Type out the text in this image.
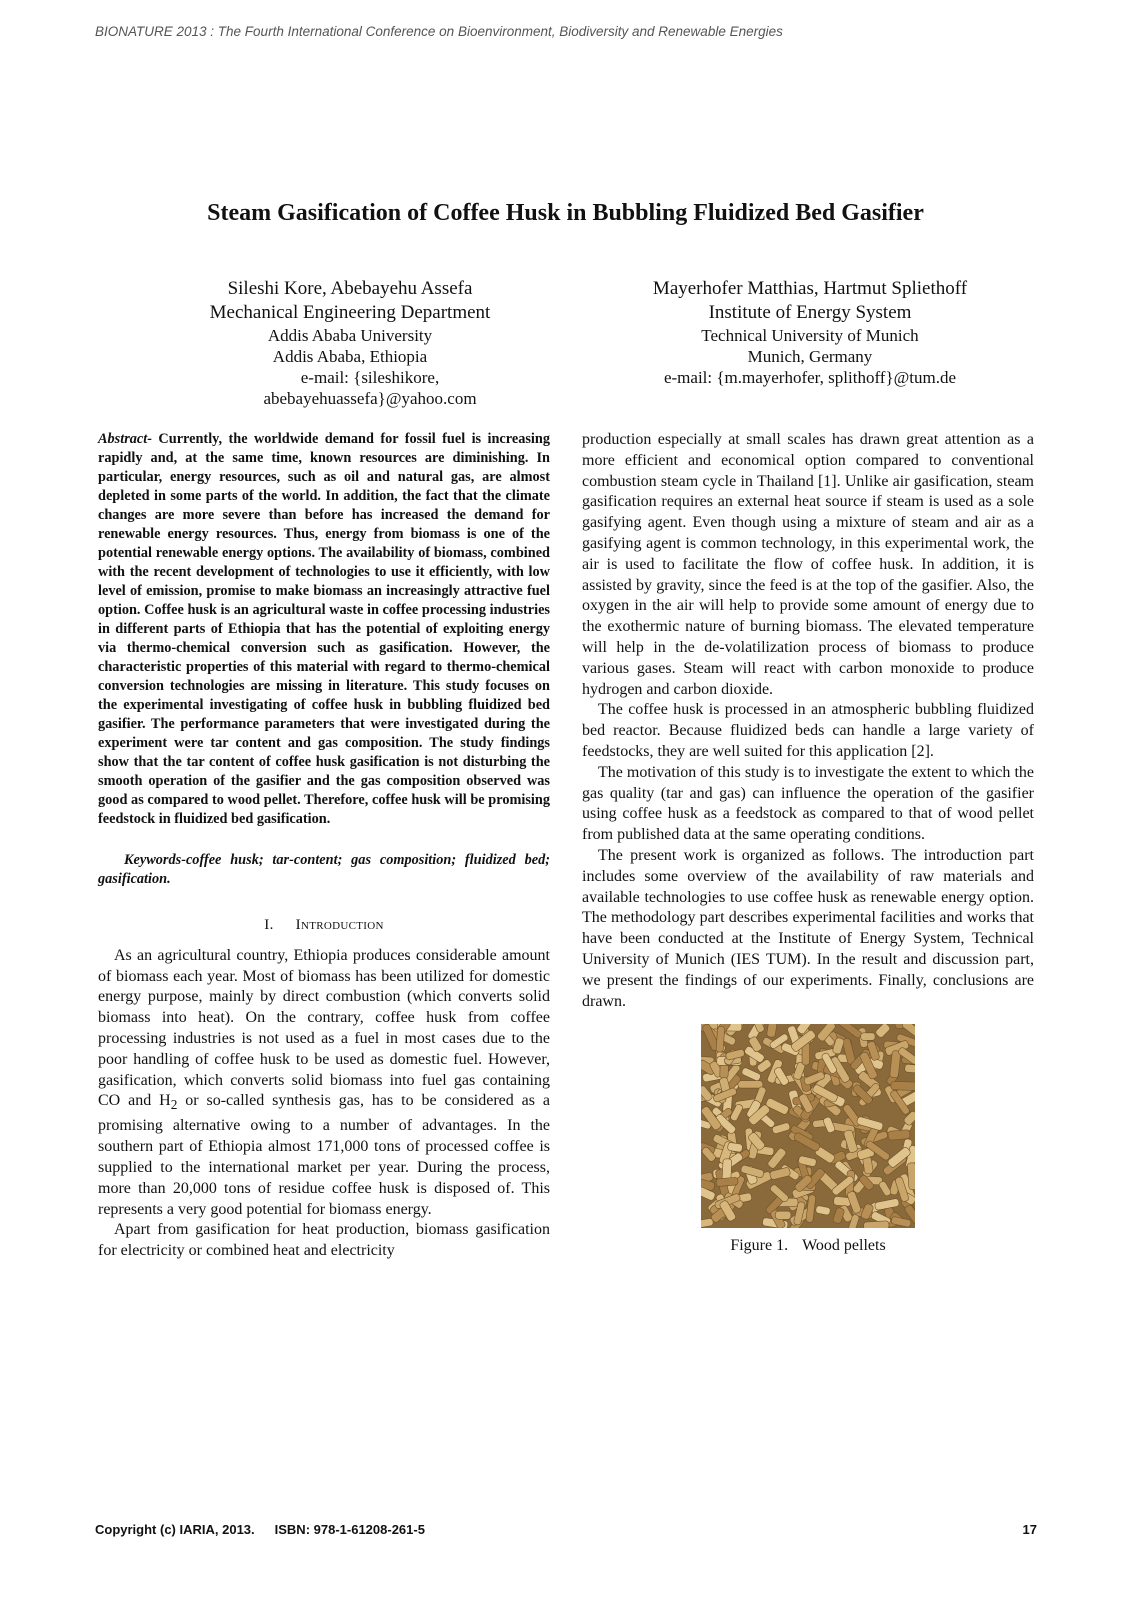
BIONATURE 2013 : The Fourth International Conference on Bioenvironment, Biodiversity and Renewable Energies
Steam Gasification of Coffee Husk in Bubbling Fluidized Bed Gasifier
Sileshi Kore, Abebayehu Assefa
Mechanical Engineering Department
Addis Ababa University
Addis Ababa, Ethiopia
e-mail: {sileshikore,
abebayehuassefa}@yahoo.com
Mayerhofer Matthias, Hartmut Spliethoff
Institute of Energy System
Technical University of Munich
Munich, Germany
e-mail: {m.mayerhofer, splithoff}@tum.de

Abstract- Currently, the worldwide demand for fossil fuel is increasing rapidly and, at the same time, known resources are diminishing. In particular, energy resources, such as oil and natural gas, are almost depleted in some parts of the world. In addition, the fact that the climate changes are more severe than before has increased the demand for renewable energy resources. Thus, energy from biomass is one of the potential renewable energy options. The availability of biomass, combined with the recent development of technologies to use it efficiently, with low level of emission, promise to make biomass an increasingly attractive fuel option. Coffee husk is an agricultural waste in coffee processing industries in different parts of Ethiopia that has the potential of exploiting energy via thermo-chemical conversion such as gasification. However, the characteristic properties of this material with regard to thermo-chemical conversion technologies are missing in literature. This study focuses on the experimental investigating of coffee husk in bubbling fluidized bed gasifier. The performance parameters that were investigated during the experiment were tar content and gas composition. The study findings show that the tar content of coffee husk gasification is not disturbing the smooth operation of the gasifier and the gas composition observed was good as compared to wood pellet. Therefore, coffee husk will be promising feedstock in fluidized bed gasification.

Keywords-coffee husk; tar-content; gas composition; fluidized bed; gasification.

I. Introduction

As an agricultural country, Ethiopia produces considerable amount of biomass each year. Most of biomass has been utilized for domestic energy purpose, mainly by direct combustion (which converts solid biomass into heat). On the contrary, coffee husk from coffee processing industries is not used as a fuel in most cases due to the poor handling of coffee husk to be used as domestic fuel. However, gasification, which converts solid biomass into fuel gas containing CO and $H_2$ or so-called synthesis gas, has to be considered as a promising alternative owing to a number of advantages. In the southern part of Ethiopia almost 171,000 tons of processed coffee is supplied to the international market per year. During the process, more than 20,000 tons of residue coffee husk is disposed of. This represents a very good potential for biomass energy.

Apart from gasification for heat production, biomass gasification for electricity or combined heat and electricity

production especially at small scales has drawn great attention as a more efficient and economical option compared to conventional combustion steam cycle in Thailand [1]. Unlike air gasification, steam gasification requires an external heat source if steam is used as a sole gasifying agent. Even though using a mixture of steam and air as a gasifying agent is common technology, in this experimental work, the air is used to facilitate the flow of coffee husk. In addition, it is assisted by gravity, since the feed is at the top of the gasifier. Also, the oxygen in the air will help to provide some amount of energy due to the exothermic nature of burning biomass. The elevated temperature will help in the de-volatilization process of biomass to produce various gases. Steam will react with carbon monoxide to produce hydrogen and carbon dioxide.

The coffee husk is processed in an atmospheric bubbling fluidized bed reactor. Because fluidized beds can handle a large variety of feedstocks, they are well suited for this application [2].

The motivation of this study is to investigate the extent to which the gas quality (tar and gas) can influence the operation of the gasifier using coffee husk as a feedstock as compared to that of wood pellet from published data at the same operating conditions.

The present work is organized as follows. The introduction part includes some overview of the availability of raw materials and available technologies to use coffee husk as renewable energy option. The methodology part describes experimental facilities and works that have been conducted at the Institute of Energy System, Technical University of Munich (IES TUM). In the result and discussion part, we present the findings of our experiments. Finally, conclusions are drawn.

Figure 1. Wood pellets
Copyright (c) IARIA, 2013. ISBN: 978-1-61208-261-5	17
